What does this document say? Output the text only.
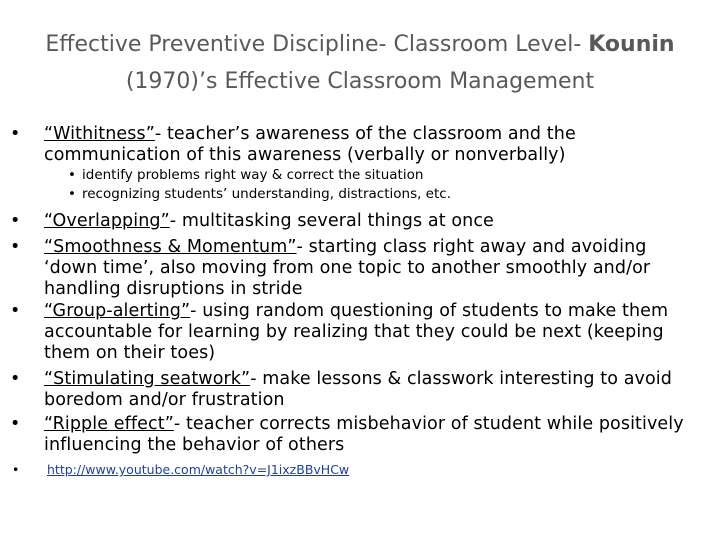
Effective Preventive Discipline- Classroom Level- Kounin
(1970)’s Effective Classroom Management
• “Withitness”- teacher’s awareness of the classroom and the communication of this awareness (verbally or nonverbally)
• identify problems right way & correct the situation
• recognizing students’ understanding, distractions, etc.
• “Overlapping”- multitasking several things at once
• “Smoothness & Momentum”- starting class right away and avoiding ‘down time’, also moving from one topic to another smoothly and/or handling disruptions in stride
• “Group-alerting”- using random questioning of students to make them accountable for learning by realizing that they could be next (keeping them on their toes)
• “Stimulating seatwork”- make lessons & classwork interesting to avoid boredom and/or frustration
• “Ripple effect”- teacher corrects misbehavior of student while positively influencing the behavior of others
• http://www.youtube.com/watch?v=J1ixzBBvHCw
